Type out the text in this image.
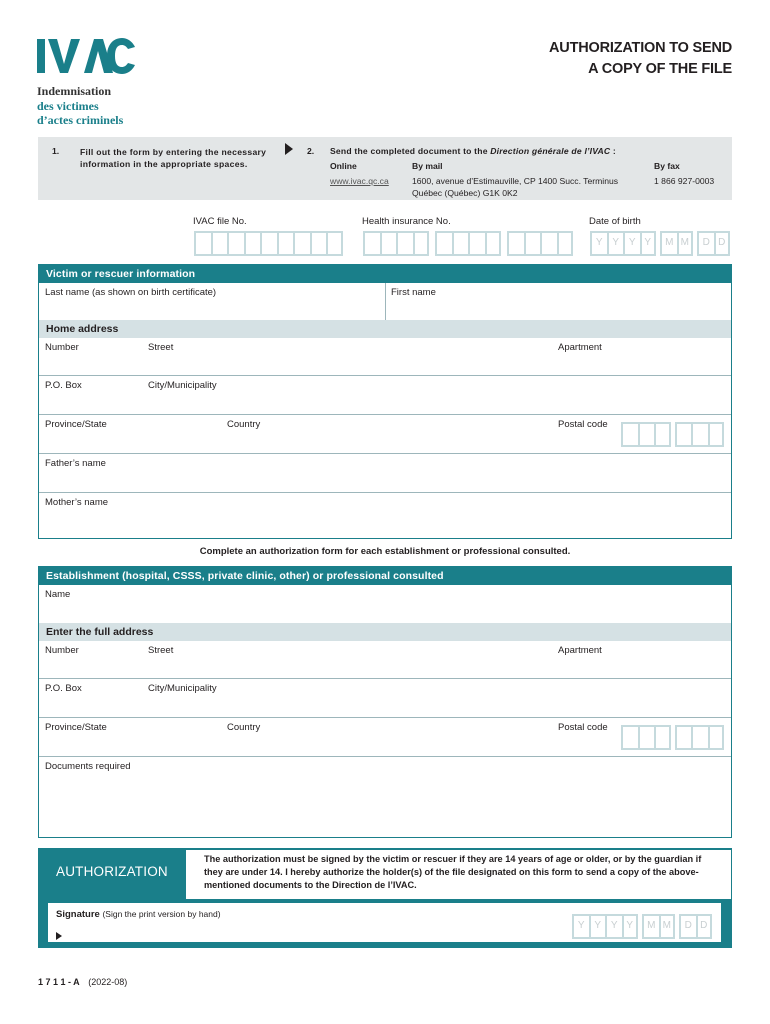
Indemnisation
des victimes
d’actes criminels
AUTHORIZATION TO SEND
A COPY OF THE FILE
1. Fill out the form by entering the necessary
information in the appropriate spaces.
2. Send the completed document to the Direction générale de l’IVAC :
Online
www.ivac.qc.ca
By mail
1600, avenue d’Estimauville, CP 1400 Succ. Terminus
Québec (Québec) G1K 0K2
By fax
1 866 927-0003
IVAC file No.	Health insurance No.	Date of birth
Y Y Y Y	M M	D D
Victim or rescuer information
Last name (as shown on birth certificate)	First name
Home address
Number	Street	Apartment
P.O. Box	City/Municipality
Province/State	Country	Postal code
Father’s name
Mother’s name
Complete an authorization form for each establishment or professional consulted.
Establishment (hospital, CSSS, private clinic, other) or professional consulted
Name
Enter the full address
Number	Street	Apartment
P.O. Box	City/Municipality
Province/State	Country	Postal code
Documents required
AUTHORIZATION
The authorization must be signed by the victim or rescuer if they are 14 years of age or older, or by the guardian if they are under 14. I hereby authorize the holder(s) of the file designated on this form to send a copy of the above-mentioned documents to the Direction de l’IVAC.
Signature (Sign the print version by hand)
Y Y Y Y	M M	D D
1 7 1 1 - A (2022-08)
